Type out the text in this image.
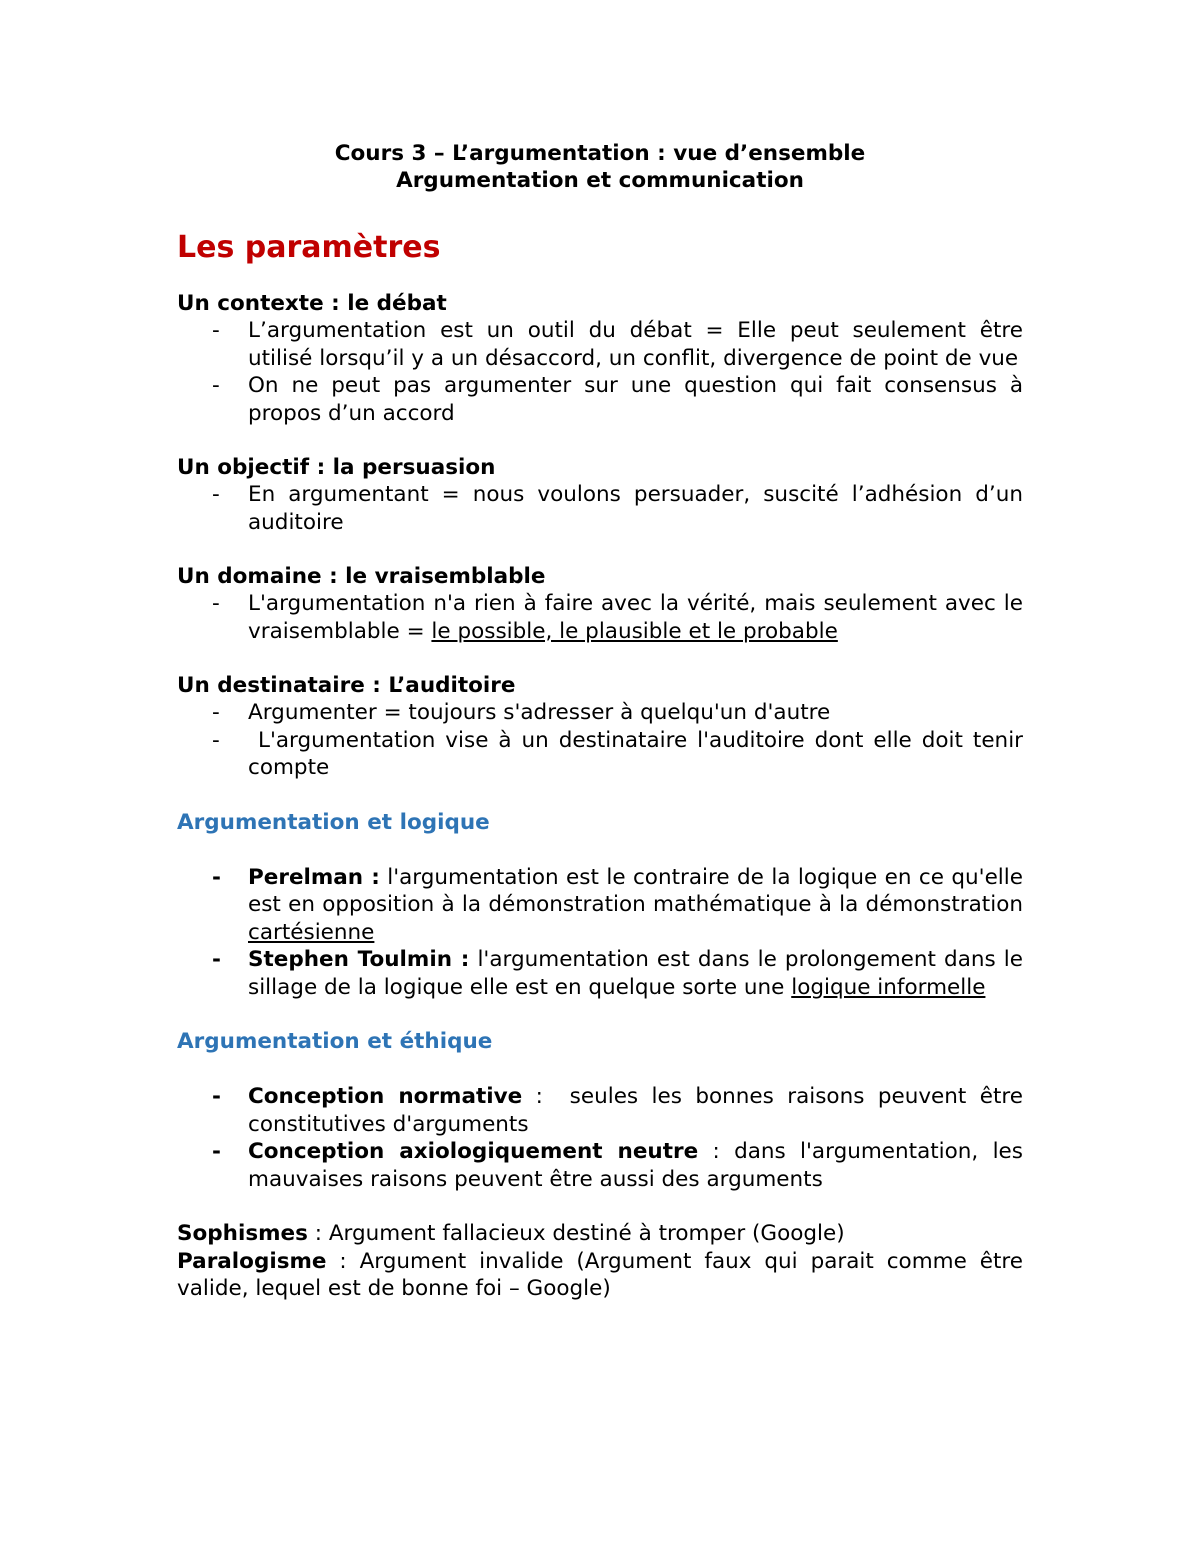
Cours 3 – L’argumentation : vue d’ensemble
Argumentation et communication
Les paramètres
Un contexte : le débat
- L’argumentation est un outil du débat = Elle peut seulement être utilisé lorsqu’il y a un désaccord, un conflit, divergence de point de vue
- On ne peut pas argumenter sur une question qui fait consensus à propos d’un accord
Un objectif : la persuasion
- En argumentant = nous voulons persuader, suscité l’adhésion d’un auditoire
Un domaine : le vraisemblable
- L'argumentation n'a rien à faire avec la vérité, mais seulement avec le vraisemblable = le possible, le plausible et le probable
Un destinataire : L’auditoire
- Argumenter = toujours s'adresser à quelqu'un d'autre
- L'argumentation vise à un destinataire l'auditoire dont elle doit tenir compte
Argumentation et logique
- Perelman : l'argumentation est le contraire de la logique en ce qu'elle est en opposition à la démonstration mathématique à la démonstration cartésienne
- Stephen Toulmin : l'argumentation est dans le prolongement dans le sillage de la logique elle est en quelque sorte une logique informelle
Argumentation et éthique
- Conception normative :  seules les bonnes raisons peuvent être constitutives d'arguments
- Conception axiologiquement neutre : dans l'argumentation, les mauvaises raisons peuvent être aussi des arguments
Sophismes : Argument fallacieux destiné à tromper (Google)
Paralogisme : Argument invalide (Argument faux qui parait comme être valide, lequel est de bonne foi – Google)
